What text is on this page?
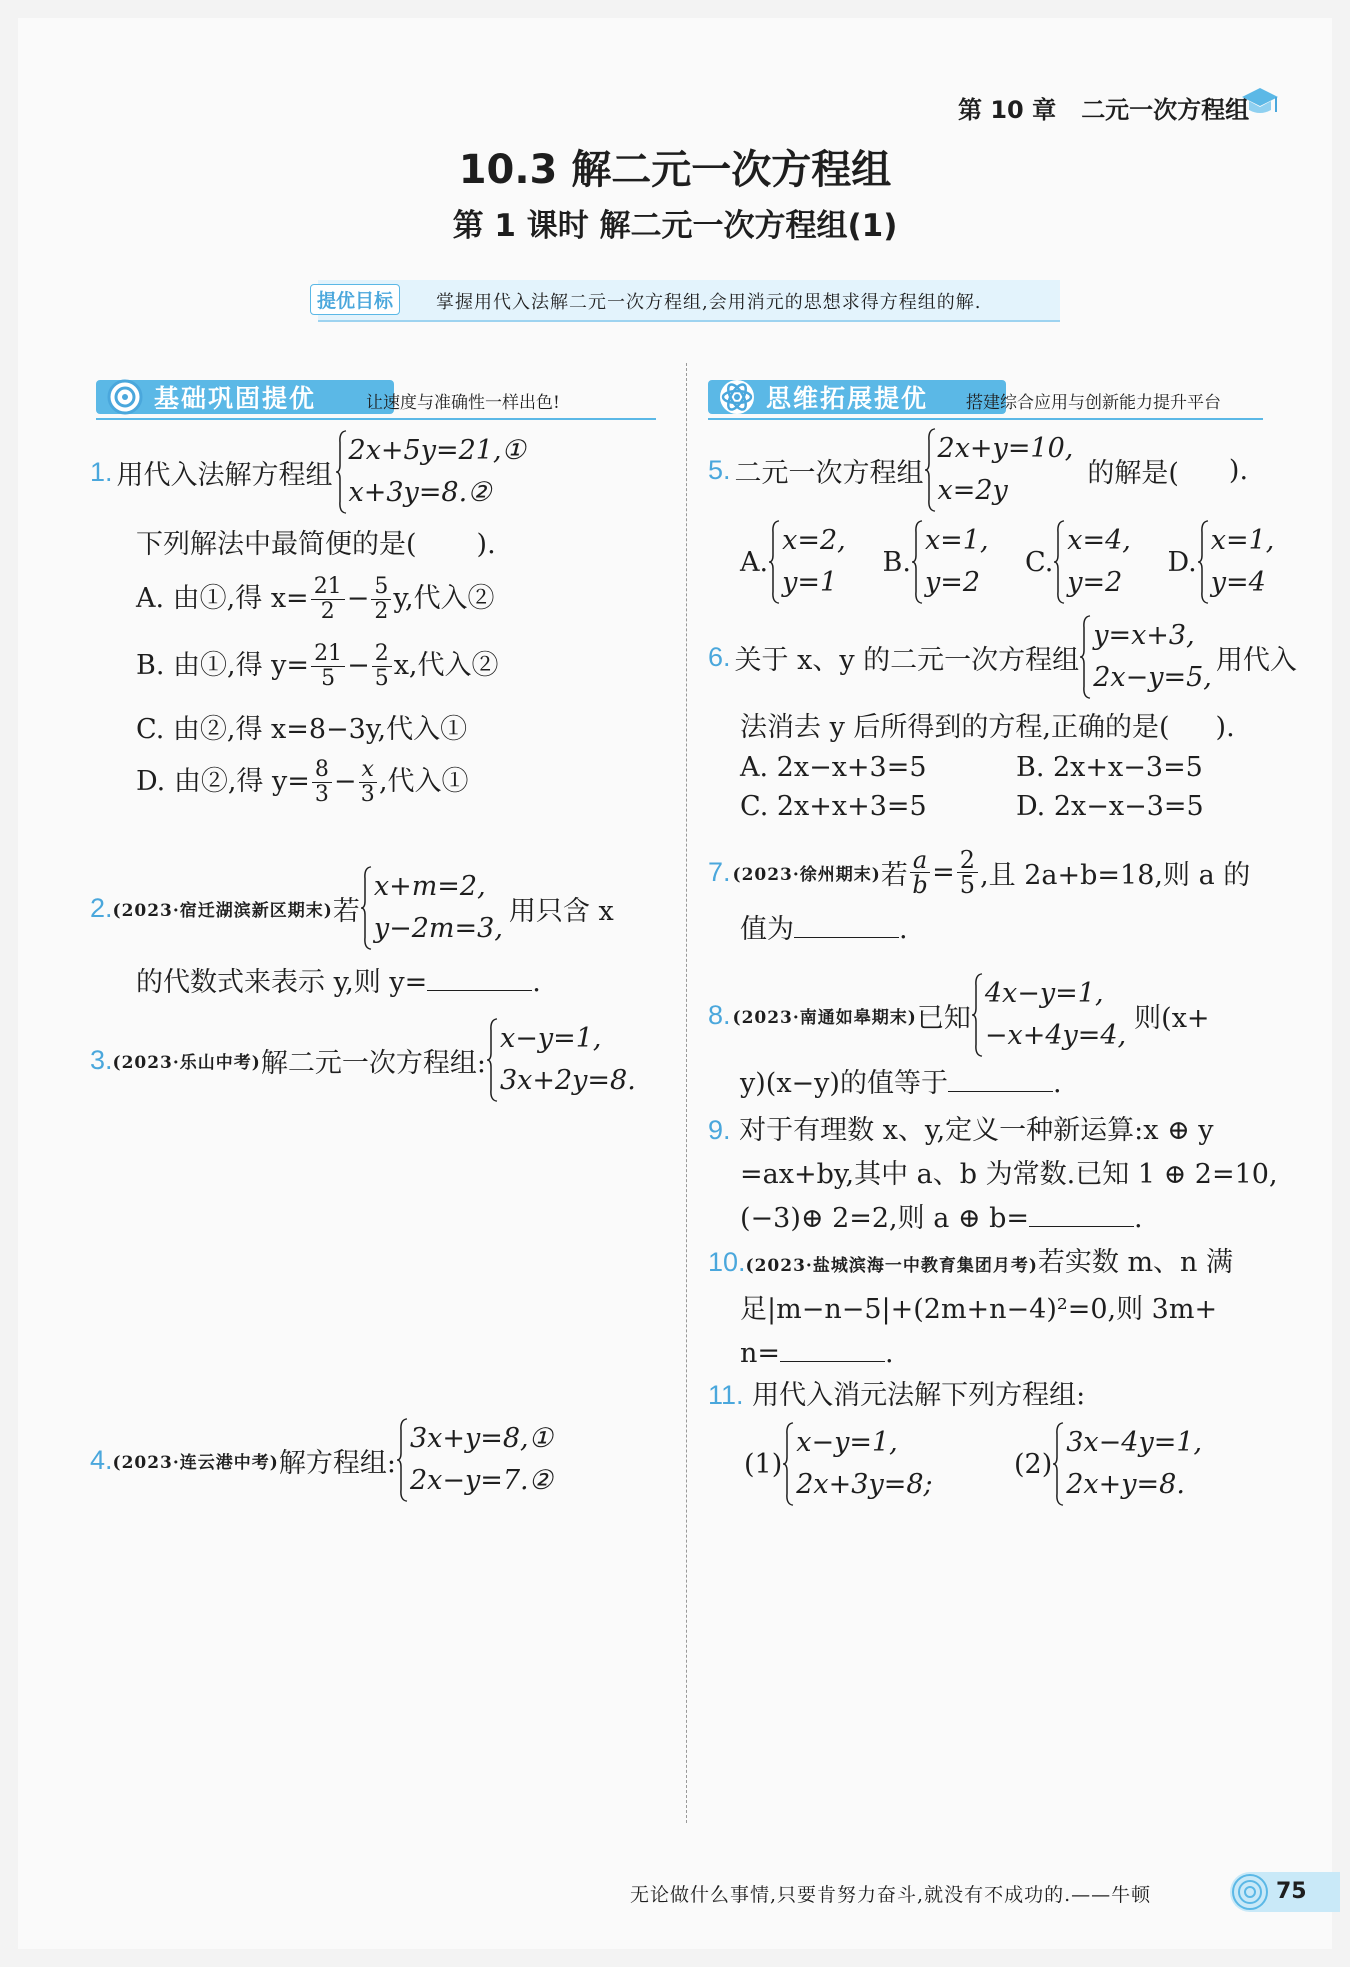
第 10 章 二元一次方程组
10.3 解二元一次方程组
第 1 课时 解二元一次方程组(1)
提优目标	掌握用代入法解二元一次方程组,会用消元的思想求得方程组的解.
基础巩固提优	让速度与准确性一样出色!	思维拓展提优	搭建综合应用与创新能力提升平台
1. 用代入法解方程组
2x+5y=21,①
x+3y=8.②
下列解法中最简便的是( ).
A. 由①,得 $x= \frac{21}{2} - \frac{5}{2} y$,代入②
B. 由①,得 $y= \frac{21}{5} - \frac{2}{5} x$,代入②
C. 由②,得 x=8−3y,代入①
D. 由②,得 $y= \frac{8}{3} - \frac{x}{3}$ ,代入①
2. (2023·宿迁湖滨新区期末) 若
x+m=2,
y−2m=3,
用只含 x
的代数式来表示 y,则 y=	.
3. (2023·乐山中考) 解二元一次方程组:
x−y=1,
3x+2y=8.
4. (2023·连云港中考) 解方程组:
3x+y=8,①
2x−y=7.②
5. 二元一次方程组
2x+y=10,
x=2y
的解是( ).
A.
x=2,
y=1
B.
x=1,
y=2
C.
x=4,
y=2
D.
x=1,
y=4
6. 关于 x、y 的二元一次方程组
y=x+3,
2x−y=5,
用代入
法消去 y 后所得到的方程,正确的是( ).
A. 2x−x+3=5	B. 2x+x−3=5
C. 2x+x+3=5	D. 2x−x−3=5
7. (2023·徐州期末) 若 $\frac{a}{b} = \frac{2}{5}$ ,且 2a+b=18,则 a 的
值为	.
8. (2023·南通如皋期末) 已知
4x−y=1,
−x+4y=4,
则(x+
y)(x−y)的值等于	.
9. 对于有理数 x、y,定义一种新运算:x ⊕ y
=ax+by,其中 a、b 为常数.已知 1 ⊕ 2=10,
(−3)⊕ 2=2,则 a ⊕ b=	.
10.(2023·盐城滨海一中教育集团月考)若实数 m、n 满
足|m−n−5|+(2m+n−4)²=0,则 3m+
n=	.
11. 用代入消元法解下列方程组:
(1)
x−y=1,
2x+3y=8;
(2)
3x−4y=1,
2x+y=8.
无论做什么事情,只要肯努力奋斗,就没有不成功的.——牛顿	75
